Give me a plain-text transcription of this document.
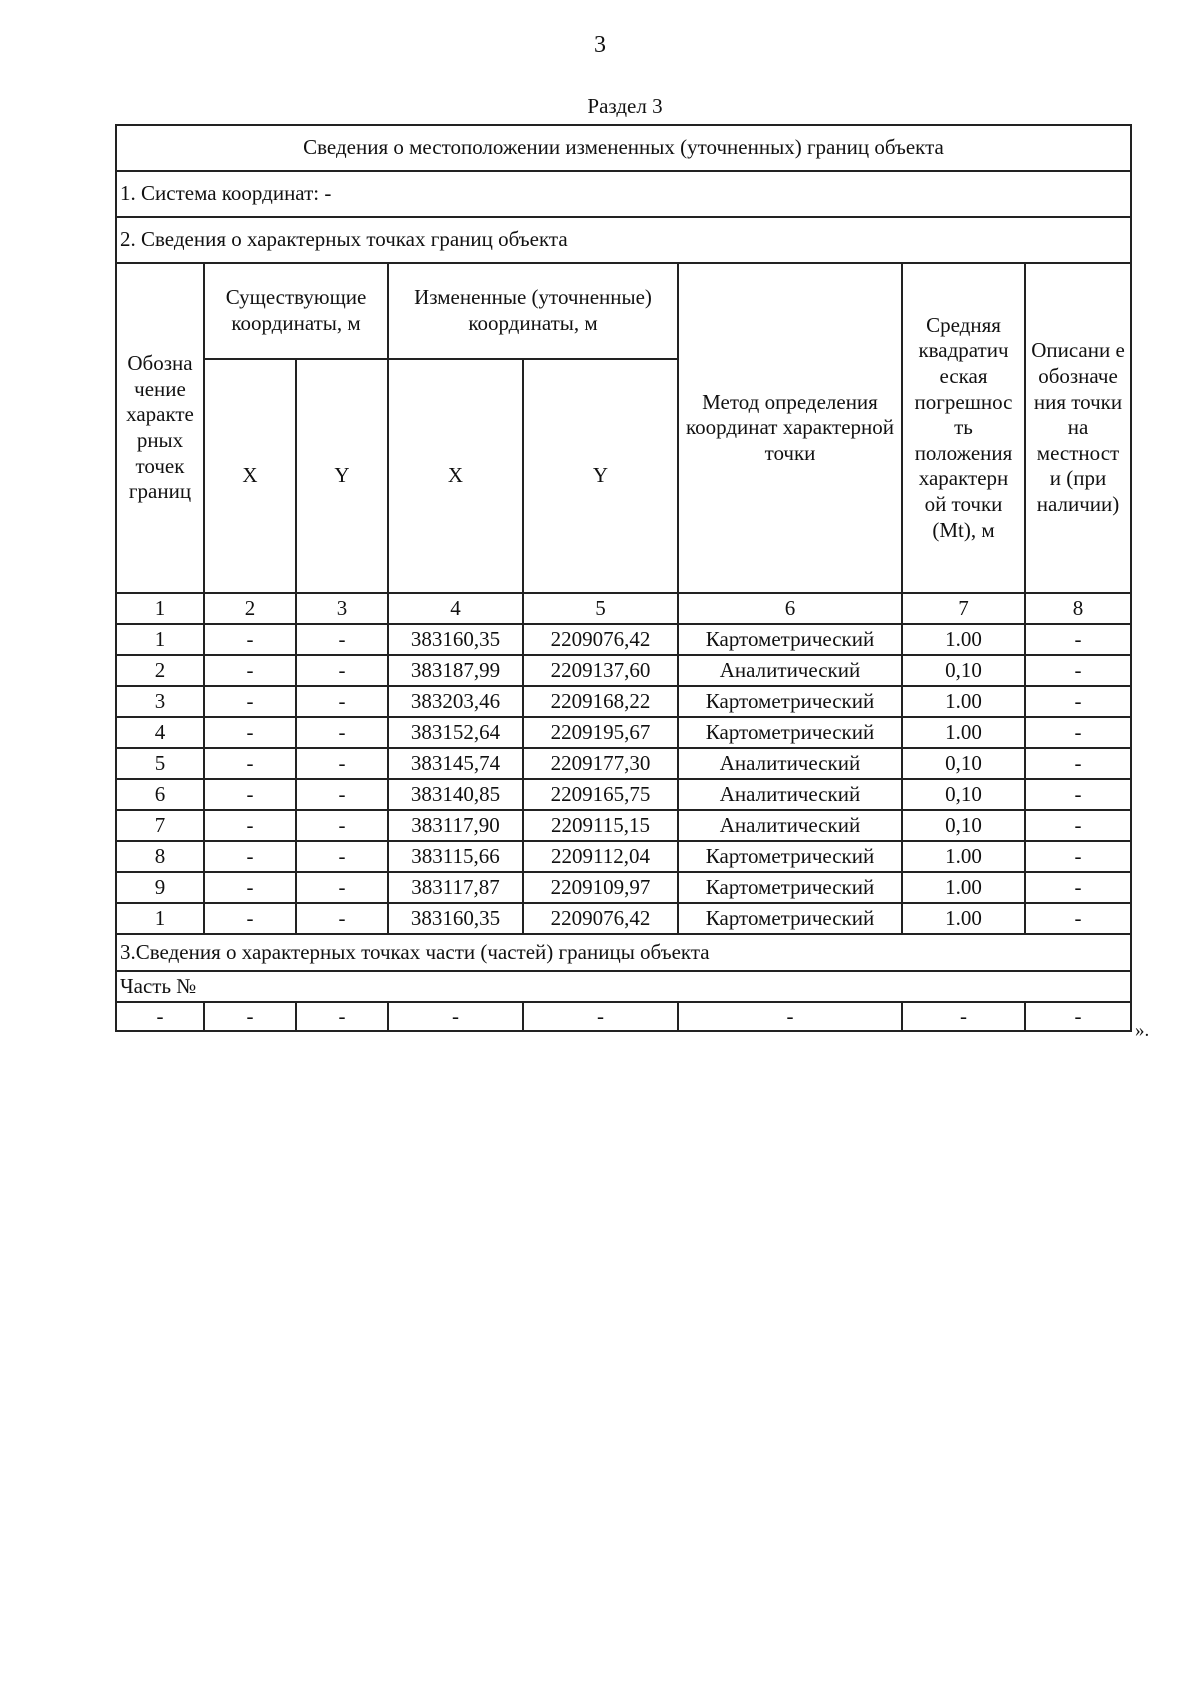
3
Раздел 3
Сведения о местоположении измененных (уточненных) границ объекта							
1. Система координат: -							
2. Сведения о характерных точках границ объекта							
Обозна чение характе рных точек границ	Существующие координаты, м		Измененные (уточненные) координаты, м		Метод определения координат характерной точки	Средняя квадратич еская погрешнос ть положения характерн ой точки (Mt), м	Описани е обозначе ния точки на местност и (при наличии)
	X	Y	X	Y			
1	2	3	4	5	6	7	8
1	-	-	383160,35	2209076,42	Картометрический	1.00	-
2	-	-	383187,99	2209137,60	Аналитический	0,10	-
3	-	-	383203,46	2209168,22	Картометрический	1.00	-
4	-	-	383152,64	2209195,67	Картометрический	1.00	-
5	-	-	383145,74	2209177,30	Аналитический	0,10	-
6	-	-	383140,85	2209165,75	Аналитический	0,10	-
7	-	-	383117,90	2209115,15	Аналитический	0,10	-
8	-	-	383115,66	2209112,04	Картометрический	1.00	-
9	-	-	383117,87	2209109,97	Картометрический	1.00	-
1	-	-	383160,35	2209076,42	Картометрический	1.00	-
3.Сведения о характерных точках части (частей) границы объекта							
Часть №							
-	-	-	-	-	-	-	-
».
